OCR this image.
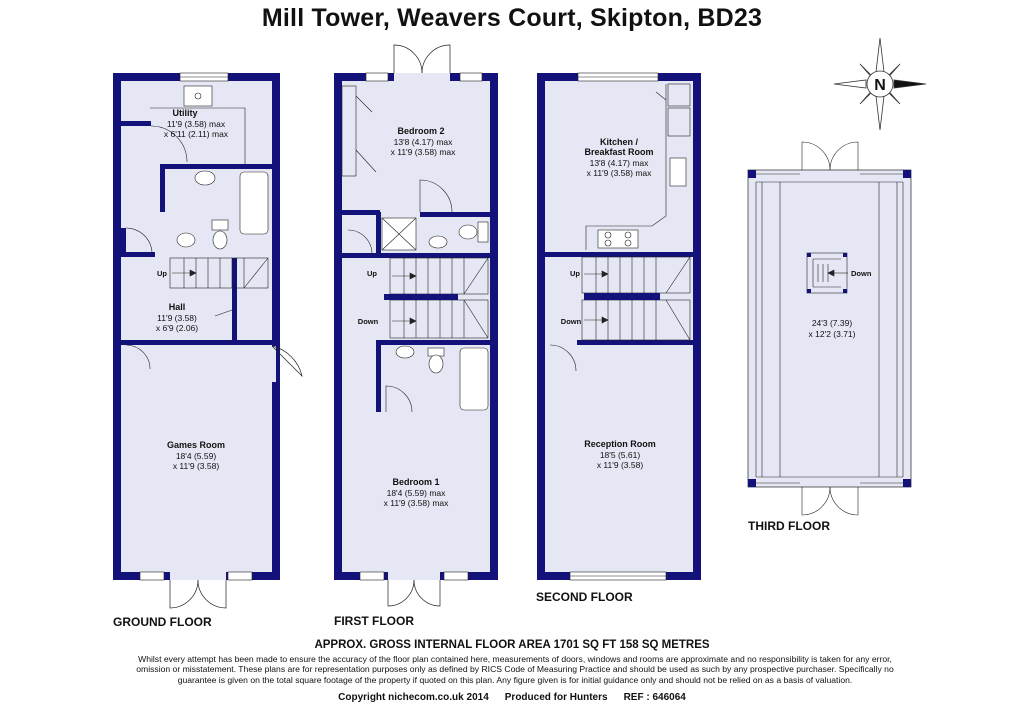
Mill Tower, Weavers Court, Skipton, BD23
N
Utility
11'9 (3.58) max
x 6'11 (2.11) max
Up
Hall
11'9 (3.58)
x 6'9 (2.06)
Games Room
18'4 (5.59)
x 11'9 (3.58)
GROUND FLOOR
Bedroom 2
13'8 (4.17) max
x 11'9 (3.58) max
Up
Down
Bedroom 1
18'4 (5.59) max
x 11'9 (3.58) max
FIRST FLOOR
Kitchen /
Breakfast Room
13'8 (4.17) max
x 11'9 (3.58) max
Up
Down
Reception Room
18'5 (5.61)
x 11'9 (3.58)
SECOND FLOOR
Down
24'3 (7.39)
x 12'2 (3.71)
THIRD FLOOR
APPROX. GROSS INTERNAL FLOOR AREA 1701 SQ FT 158 SQ METRES
Whilst every attempt has been made to ensure the accuracy of the floor plan contained here, measurements of doors, windows and rooms are approximate and no responsibility is taken for any error, omission or misstatement. These plans are for representation purposes only as defined by RICS Code of Measuring Practice and should be used as such by any prospective purchaser. Specifically no guarantee is given on the total square footage of the property if quoted on this plan. Any figure given is for initial guidance only and should not be relied on as a basis of valuation.
Copyright nichecom.co.uk 2014 Produced for Hunters REF : 646064
